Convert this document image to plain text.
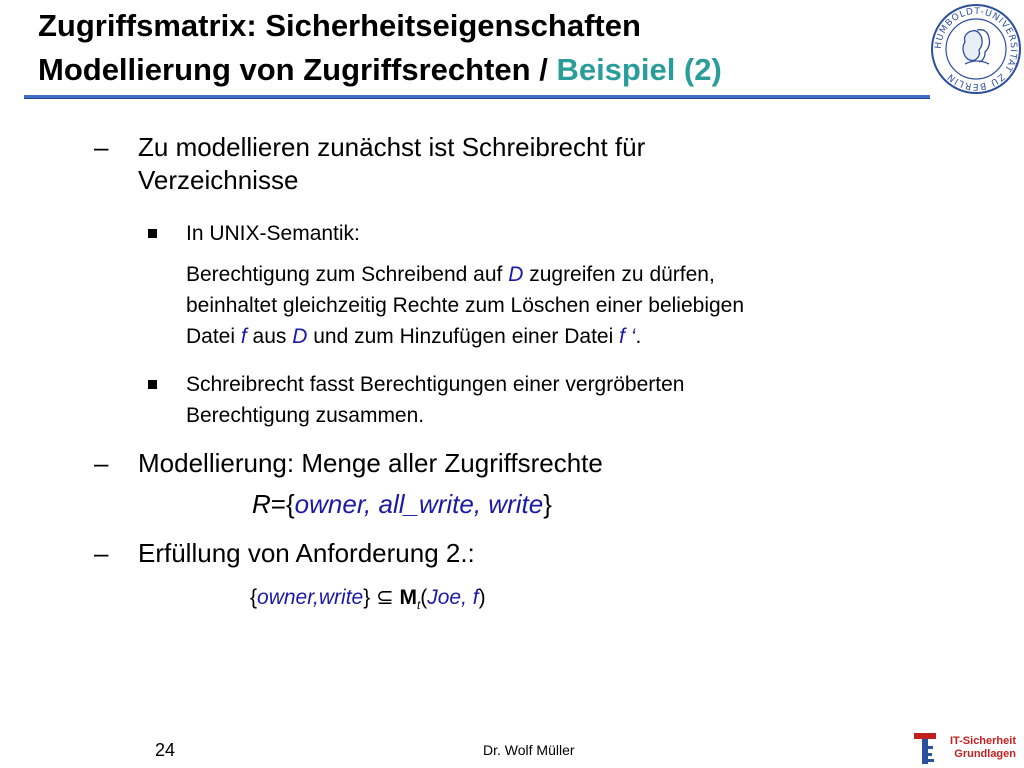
Zugriffsmatrix: Sicherheitseigenschaften
Modellierung von Zugriffsrechten / Beispiel (2)
HUMBOLDT-UNIVERSITÄT ZU BERLIN
– Zu modellieren zunächst ist Schreibrecht für
Verzeichnisse
In UNIX-Semantik:
Berechtigung zum Schreibend auf D zugreifen zu dürfen,
beinhaltet gleichzeitig Rechte zum Löschen einer beliebigen
Datei f aus D und zum Hinzufügen einer Datei f ‘.
Schreibrecht fasst Berechtigungen einer vergröberten
Berechtigung zusammen.
– Modellierung: Menge aller Zugriffsrechte
R={owner, all_write, write}
– Erfüllung von Anforderung 2.:
{owner,write} ⊆ $M_t(Joe$, f)
24	Dr. Wolf Müller
IT-Sicherheit
Grundlagen
